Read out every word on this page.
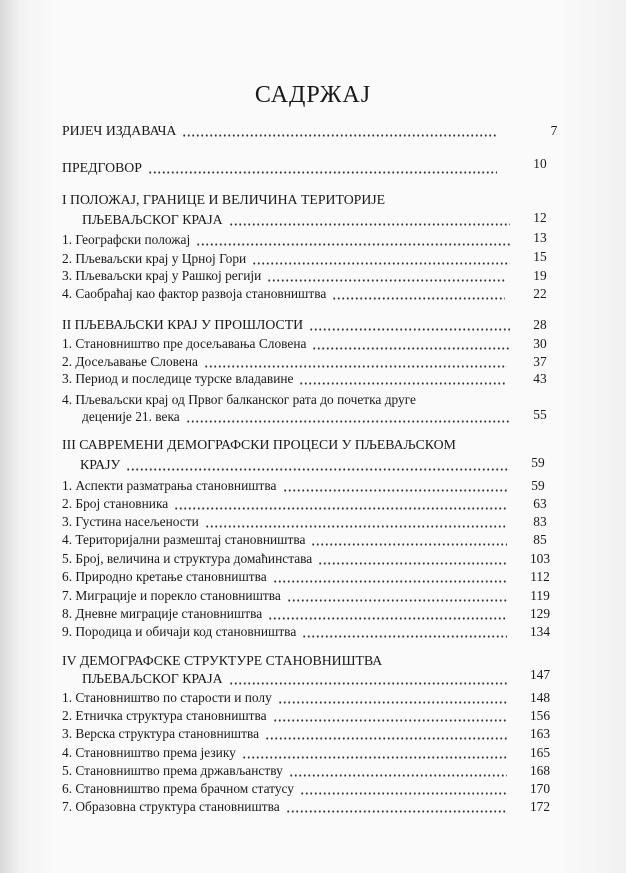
САДРЖАЈ
РИЈЕЧ ИЗДАВАЧА	7
ПРЕДГОВОР	10
I ПОЛОЖАЈ, ГРАНИЦЕ И ВЕЛИЧИНА ТЕРИТОРИЈЕ
ПЉЕВАЉСКОГ КРАЈА	12
1. Географски положај	13
2. Пљеваљски крај у Црној Гори	15
3. Пљеваљски крај у Рашкој регији	19
4. Саобраћај као фактор развоја становништва	22
II ПЉЕВАЉСКИ КРАЈ У ПРОШЛОСТИ	28
1. Становништво пре досељавања Словена	30
2. Досељавање Словена	37
3. Период и последице турске владавине	43
4. Пљеваљски крај од Првог балканског рата до почетка друге
деценије 21. века	55
III САВРЕМЕНИ ДЕМОГРАФСКИ ПРОЦЕСИ У ПЉЕВАЉСКОМ
КРАЈУ	59
1. Аспекти разматрања становништва	59
2. Број становника	63
3. Густина насељености	83
4. Територијални размештај становништва	85
5. Број, величина и структура домаћинстава	103
6. Природно кретање становништва	112
7. Миграције и порекло становништва	119
8. Дневне миграције становништва	129
9. Породица и обичаји код становништва	134
IV ДЕМОГРАФСКЕ СТРУКТУРЕ СТАНОВНИШТВА
ПЉЕВАЉСКОГ КРАЈА	147
1. Становништво по старости и полу	148
2. Етничка структура становништва	156
3. Верска структура становништва	163
4. Становништво према језику	165
5. Становништво према држављанству	168
6. Становништво према брачном статусу	170
7. Образовна структура становништва	172
